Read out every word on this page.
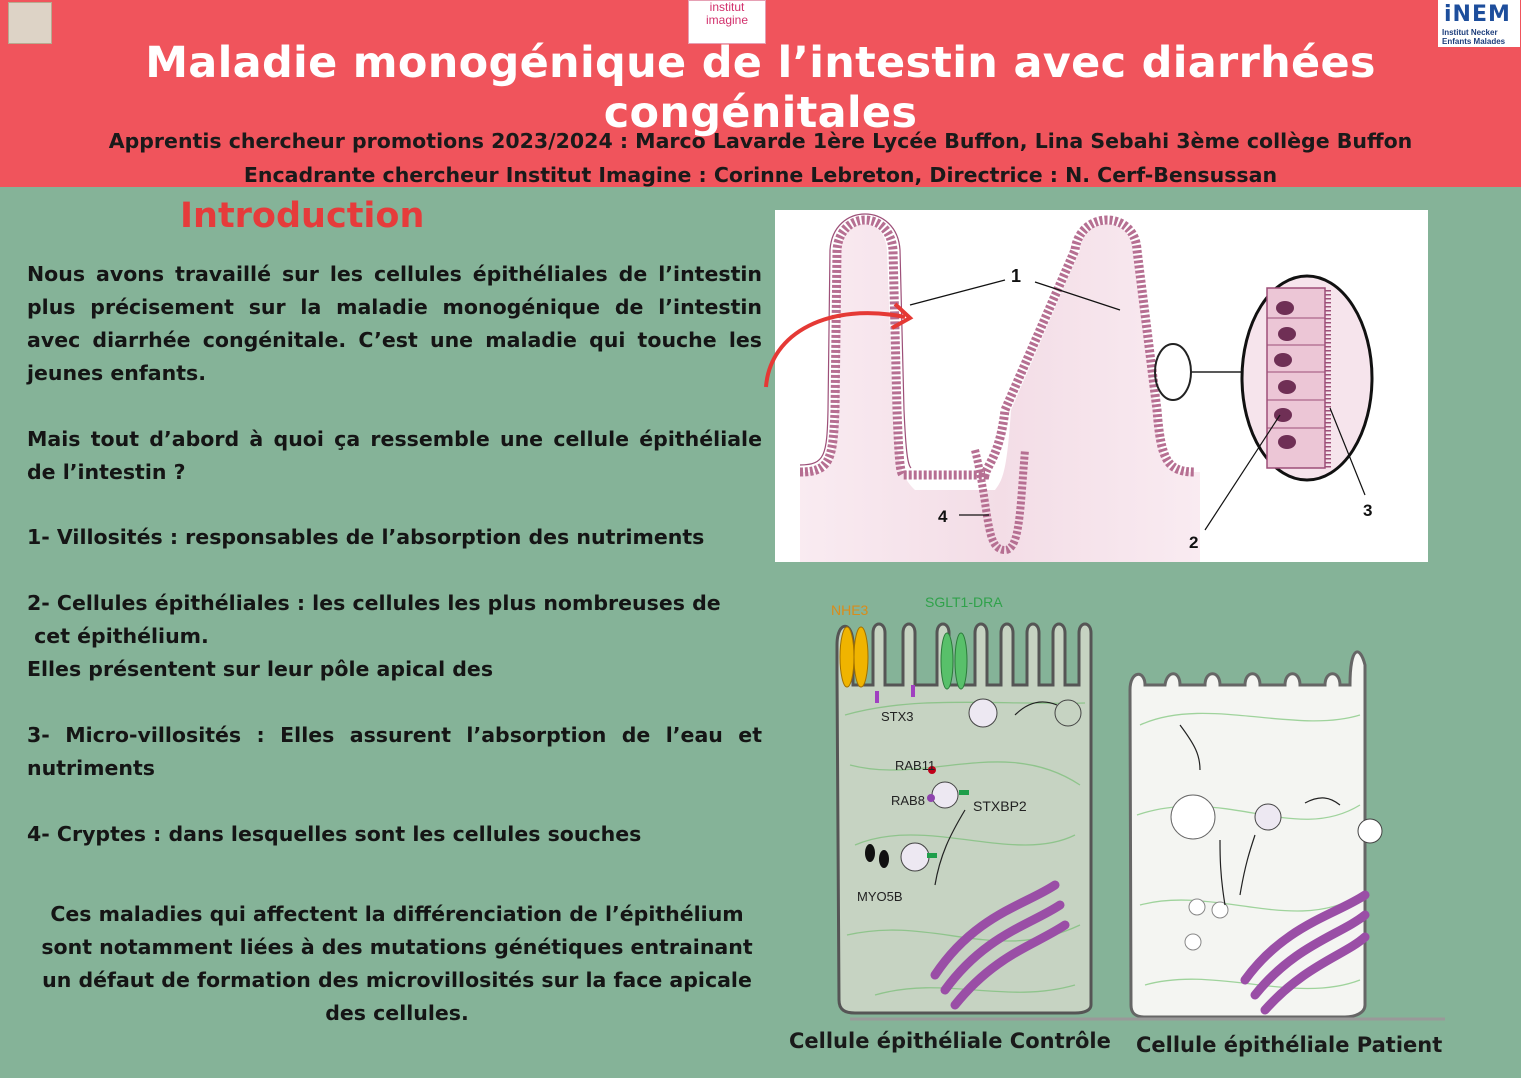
institut
imagine
	iNEM
Institut Necker
Enfants Malades
Maladie monogénique de l’intestin avec diarrhées congénitales
Apprentis chercheur promotions 2023/2024 : Marco Lavarde 1ère Lycée Buffon, Lina Sebahi 3ème collège Buffon
Encadrante chercheur Institut Imagine : Corinne Lebreton, Directrice : N. Cerf-Bensussan
Introduction

Nous avons travaillé sur les cellules épithéliales de l’intestin plus précisement sur la maladie monogénique de l’intestin avec diarrhée congénitale. C’est une maladie qui touche les jeunes enfants.

Mais tout d’abord à quoi ça ressemble une cellule épithéliale de l’intestin ?

1- Villosités : responsables de l’absorption des nutriments

2- Cellules épithéliales : les cellules les plus nombreuses de
cet épithélium.
Elles présentent sur leur pôle apical des

3- Micro-villosités : Elles assurent l’absorption de l’eau et nutriments

4- Cryptes : dans lesquelles sont les cellules souches

Ces maladies qui affectent la différenciation de l’épithélium sont notamment liées à des mutations génétiques entrainant un défaut de formation des microvillosités sur la face apicale des cellules.
1
2
3
4
NHE3	SGLT1-DRA
STX3
RAB11
RAB8	STXBP2
MYO5B
Cellule épithéliale Contrôle Cellule épithéliale Patient
